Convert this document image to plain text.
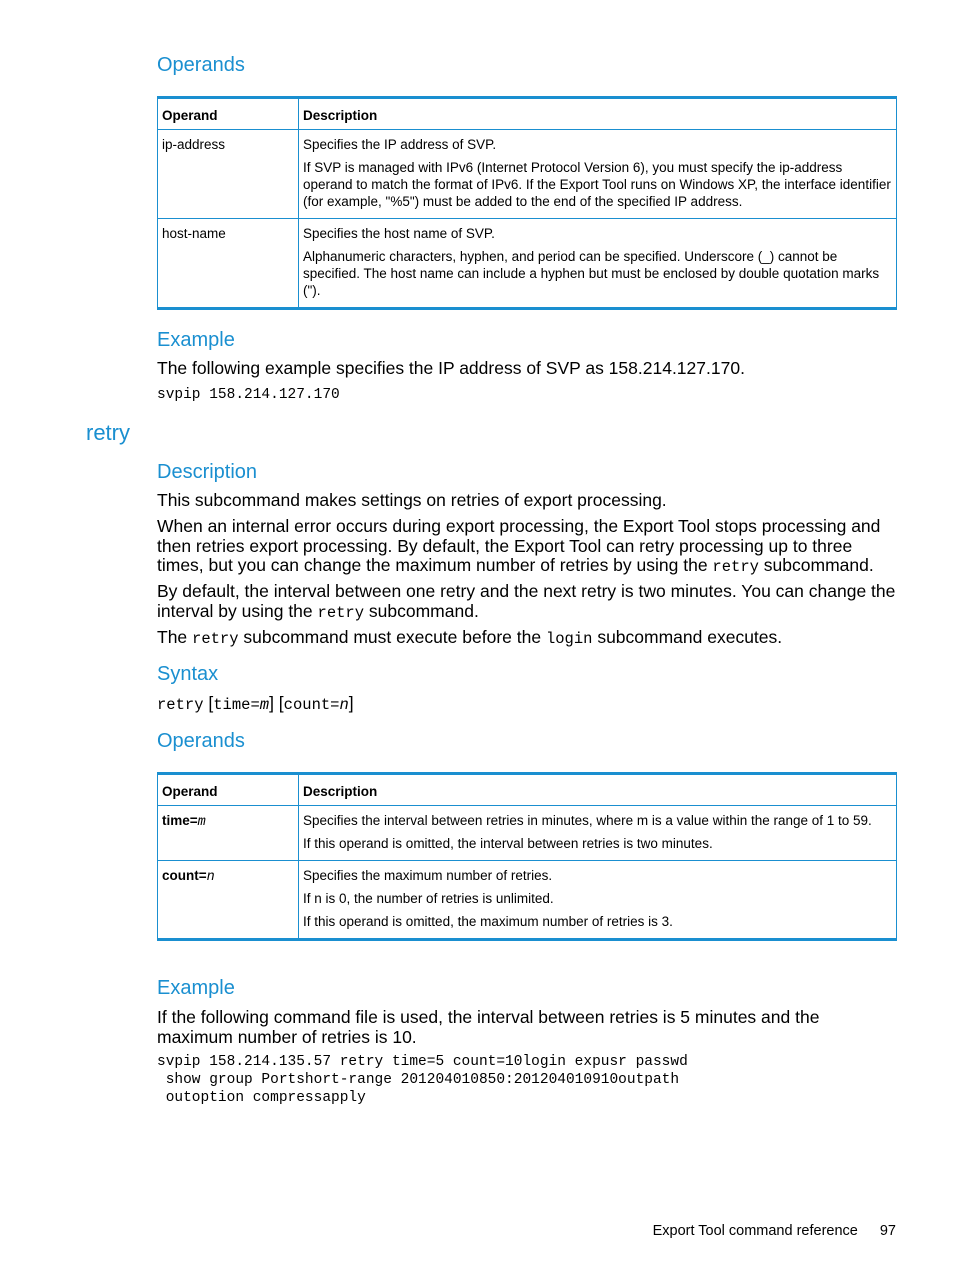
Operands
Operand	Description
ip-address	Specifies the IP address of SVP.

If SVP is managed with IPv6 (Internet Protocol Version 6), you must specify the ip-address operand to match the format of IPv6. If the Export Tool runs on Windows XP, the interface identifier (for example, "%5") must be added to the end of the specified IP address.

host-name	Specifies the host name of SVP.

Alphanumeric characters, hyphen, and period can be specified. Underscore (_) cannot be specified. The host name can include a hyphen but must be enclosed by double quotation marks (").

Example

The following example specifies the IP address of SVP as 158.214.127.170.

svpip 158.214.127.170
retry
Description

This subcommand makes settings on retries of export processing.

When an internal error occurs during export processing, the Export Tool stops processing and then retries export processing. By default, the Export Tool can retry processing up to three times, but you can change the maximum number of retries by using the retry subcommand.

By default, the interval between one retry and the next retry is two minutes. You can change the interval by using the retry subcommand.

The retry subcommand must execute before the login subcommand executes.

Syntax

retry [time=m] [count=n]

Operands
Operand	Description
time=m	Specifies the interval between retries in minutes, where m is a value within the range of 1 to 59.

If this operand is omitted, the interval between retries is two minutes.

count=n	Specifies the maximum number of retries.

If n is 0, the number of retries is unlimited.

If this operand is omitted, the maximum number of retries is 3.

Example

If the following command file is used, the interval between retries is 5 minutes and the maximum number of retries is 10.

svpip 158.214.135.57 retry time=5 count=10login expusr passwd
show group Portshort-range 201204010850:201204010910outpath
outoption compressapply
Export Tool command reference 97
